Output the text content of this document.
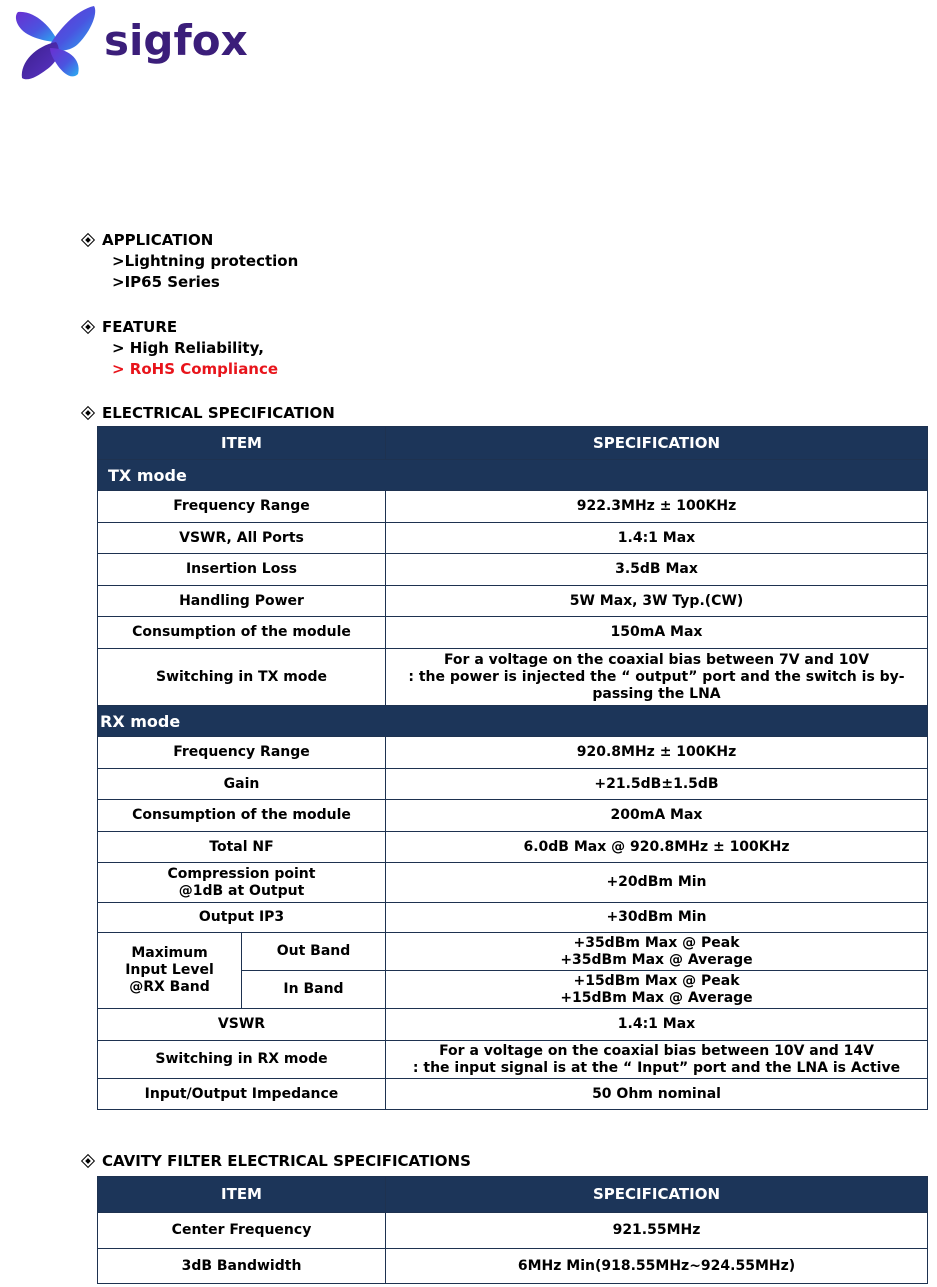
sigfox
APPLICATION
>Lightning protection
>IP65 Series
FEATURE
> High Reliability,
> RoHS Compliance
ELECTRICAL SPECIFICATION
ITEM		SPECIFICATION
TX mode		
Frequency Range		922.3MHz ± 100KHz
VSWR, All Ports		1.4:1 Max
Insertion Loss		3.5dB Max
Handling Power		5W Max, 3W Typ.(CW)
Consumption of the module		150mA Max
Switching in TX mode		For a voltage on the coaxial bias between 7V and 10V
: the power is injected the “ output” port and the switch is by-
passing the LNA
RX mode		
Frequency Range		920.8MHz ± 100KHz
Gain		+21.5dB±1.5dB
Consumption of the module		200mA Max
Total NF		6.0dB Max @ 920.8MHz ± 100KHz
Compression point
@1dB at Output		+20dBm Min
Output IP3		+30dBm Min
Maximum
Input Level
@RX Band	Out Band	+35dBm Max @ Peak
+35dBm Max @ Average
	In Band	+15dBm Max @ Peak
+15dBm Max @ Average
VSWR		1.4:1 Max
Switching in RX mode		For a voltage on the coaxial bias between 10V and 14V
: the input signal is at the “ Input” port and the LNA is Active
Input/Output Impedance		50 Ohm nominal
CAVITY FILTER ELECTRICAL SPECIFICATIONS
ITEM	SPECIFICATION
Center Frequency	921.55MHz
3dB Bandwidth	6MHz Min(918.55MHz~924.55MHz)
